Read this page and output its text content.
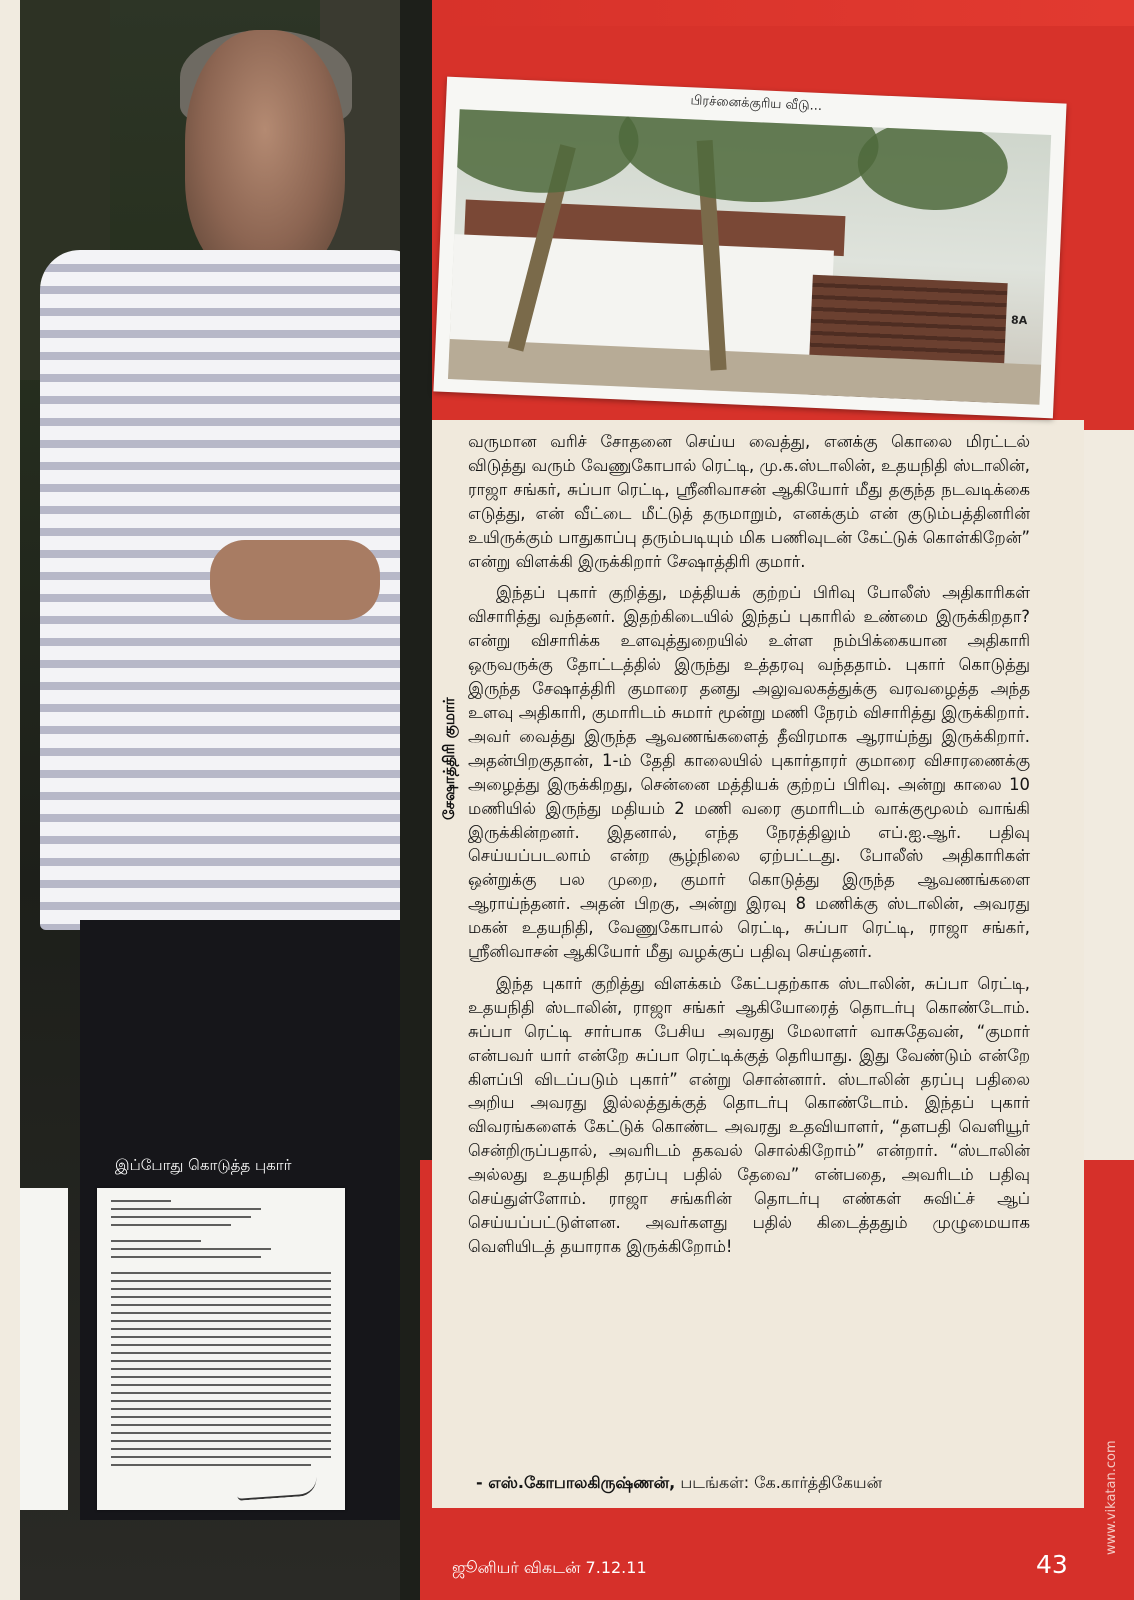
பிரச்னைக்குரிய வீடு...
8A
சேஷாத்திரி குமார்

வருமான வரிச் சோதனை செய்ய வைத்து, எனக்கு கொலை மிரட்டல் விடுத்து வரும் வேணுகோபால் ரெட்டி, மு.க.ஸ்டாலின், உதயநிதி ஸ்டாலின், ராஜா சங்கர், சுப்பா ரெட்டி, ஸ்ரீனிவாசன் ஆகியோர் மீது தகுந்த நடவடிக்கை எடுத்து, என் வீட்டை மீட்டுத் தருமாறும், எனக்கும் என் குடும்பத்தினரின் உயிருக்கும் பாதுகாப்பு தரும்படியும் மிக பணிவுடன் கேட்டுக் கொள்கிறேன்” என்று விளக்கி இருக்கிறார் சேஷாத்திரி குமார்.

இந்தப் புகார் குறித்து, மத்தியக் குற்றப் பிரிவு போலீஸ் அதிகாரிகள் விசாரித்து வந்தனர். இதற்கிடையில் இந்தப் புகாரில் உண்மை இருக்கிறதா? என்று விசாரிக்க உளவுத்துறையில் உள்ள நம்பிக்கையான அதிகாரி ஒருவருக்கு தோட்டத்தில் இருந்து உத்தரவு வந்ததாம். புகார் கொடுத்து இருந்த சேஷாத்திரி குமாரை தனது அலுவலகத்துக்கு வரவழைத்த அந்த உளவு அதிகாரி, குமாரிடம் சுமார் மூன்று மணி நேரம் விசாரித்து இருக்கிறார். அவர் வைத்து இருந்த ஆவணங்களைத் தீவிரமாக ஆராய்ந்து இருக்கிறார். அதன்பிறகுதான், 1-ம் தேதி காலையில் புகார்தாரர் குமாரை விசாரணைக்கு அழைத்து இருக்கிறது, சென்னை மத்தியக் குற்றப் பிரிவு. அன்று காலை 10 மணியில் இருந்து மதியம் 2 மணி வரை குமாரிடம் வாக்குமூலம் வாங்கி இருக்கின்றனர். இதனால், எந்த நேரத்திலும் எப்.ஐ.ஆர். பதிவு செய்யப்படலாம் என்ற சூழ்நிலை ஏற்பட்டது. போலீஸ் அதிகாரிகள் ஒன்றுக்கு பல முறை, குமார் கொடுத்து இருந்த ஆவணங்களை ஆராய்ந்தனர். அதன் பிறகு, அன்று இரவு 8 மணிக்கு ஸ்டாலின், அவரது மகன் உதயநிதி, வேணுகோபால் ரெட்டி, சுப்பா ரெட்டி, ராஜா சங்கர், ஸ்ரீனிவாசன் ஆகியோர் மீது வழக்குப் பதிவு செய்தனர்.

இந்த புகார் குறித்து விளக்கம் கேட்பதற்காக ஸ்டாலின், சுப்பா ரெட்டி, உதயநிதி ஸ்டாலின், ராஜா சங்கர் ஆகியோரைத் தொடர்பு கொண்டோம். சுப்பா ரெட்டி சார்பாக பேசிய அவரது மேலாளர் வாசுதேவன், “குமார் என்பவர் யார் என்றே சுப்பா ரெட்டிக்குத் தெரியாது. இது வேண்டும் என்றே கிளப்பி விடப்படும் புகார்” என்று சொன்னார். ஸ்டாலின் தரப்பு பதிலை அறிய அவரது இல்லத்துக்குத் தொடர்பு கொண்டோம். இந்தப் புகார் விவரங்களைக் கேட்டுக் கொண்ட அவரது உதவியாளர், “தளபதி வெளியூர் சென்றிருப்பதால், அவரிடம் தகவல் சொல்கிறோம்” என்றார். “ஸ்டாலின் அல்லது உதயநிதி தரப்பு பதில் தேவை” என்பதை, அவரிடம் பதிவு செய்துள்ளோம். ராஜா சங்கரின் தொடர்பு எண்கள் சுவிட்ச் ஆப் செய்யப்பட்டுள்ளன. அவர்களது பதில் கிடைத்ததும் முழுமையாக வெளியிடத் தயாராக இருக்கிறோம்!

- எஸ்.கோபாலகிருஷ்ணன், படங்கள்: கே.கார்த்திகேயன்
இப்போது கொடுத்த புகார்
ஜூனியர் விகடன் 7.12.11	43
www.vikatan.com
